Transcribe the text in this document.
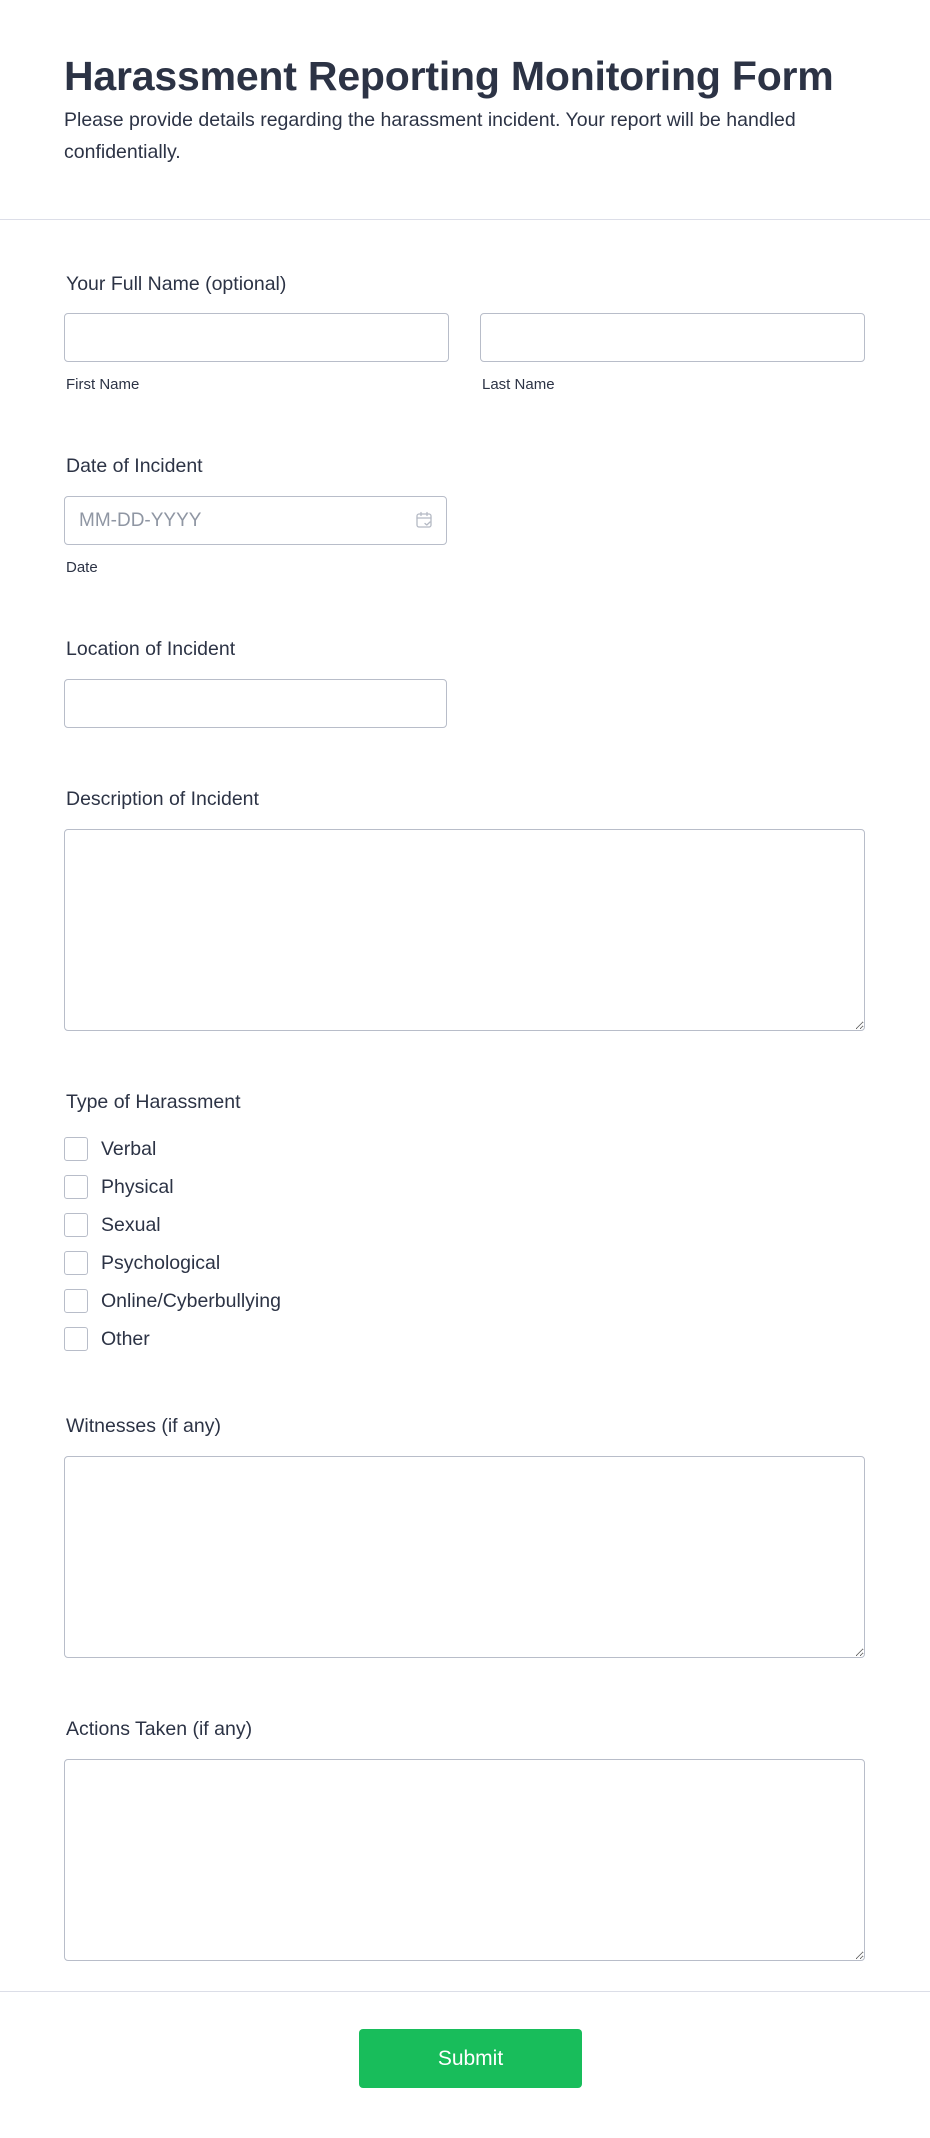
Harassment Reporting Monitoring Form

Please provide details regarding the harassment incident. Your report will be handled confidentially.

Your Full Name (optional)
First Name	Last Name
Date of Incident
MM-DD-YYYY
Date
Location of Incident
Description of Incident
Type of Harassment
Verbal
Physical
Sexual
Psychological
Online/Cyberbullying
Other
Witnesses (if any)
Actions Taken (if any)
Submit
